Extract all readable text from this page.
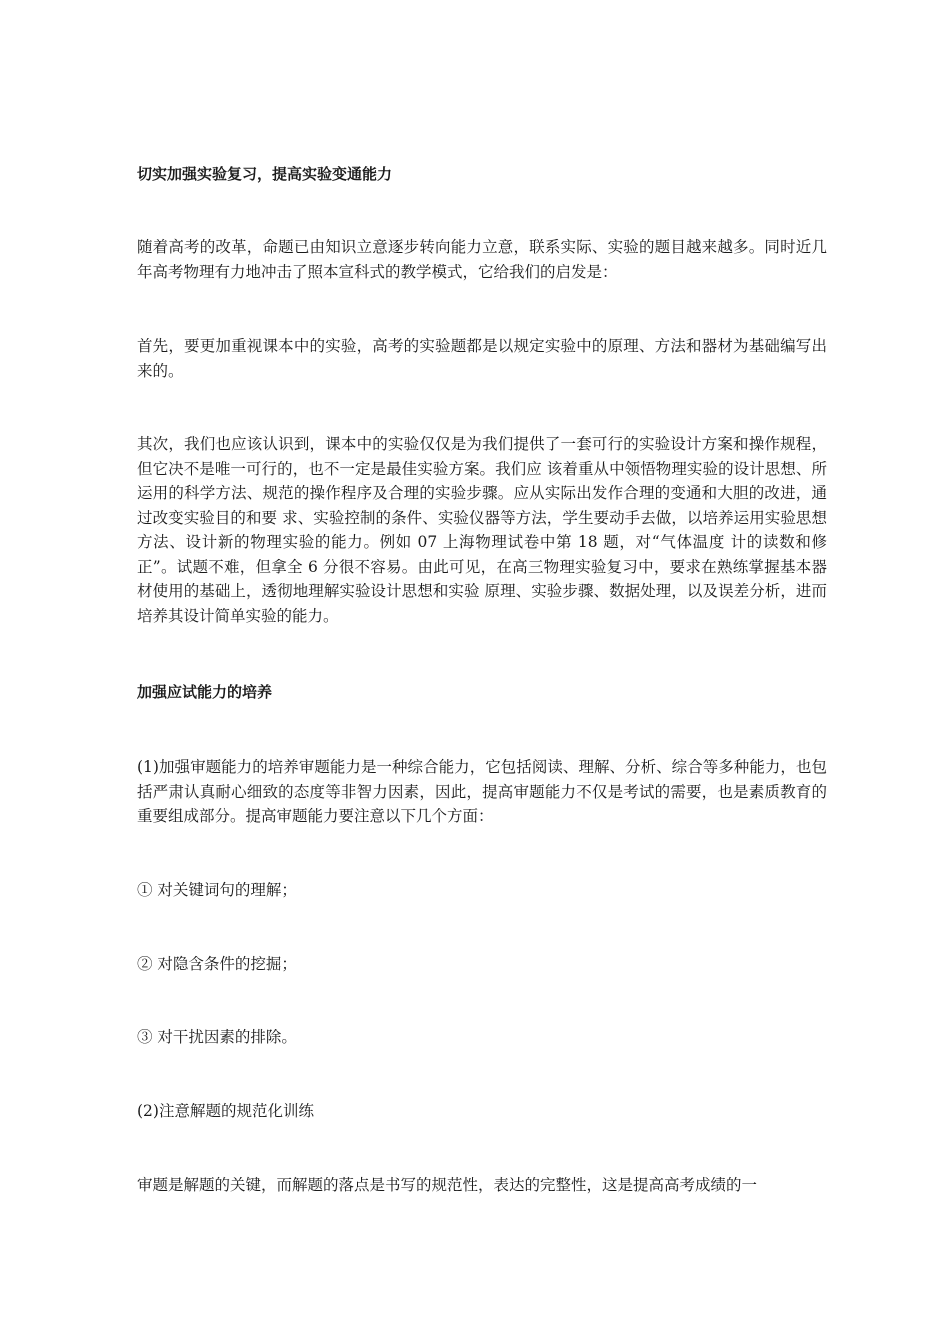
切实加强实验复习，提高实验变通能力

随着高考的改革，命题已由知识立意逐步转向能力立意，联系实际、实验的题目越来越多。同时近几年高考物理有力地冲击了照本宣科式的教学模式，它给我们的启发是：

首先，要更加重视课本中的实验，高考的实验题都是以规定实验中的原理、方法和器材为基础编写出来的。

其次，我们也应该认识到，课本中的实验仅仅是为我们提供了一套可行的实验设计方案和操作规程，但它决不是唯一可行的，也不一定是最佳实验方案。我们应 该着重从中领悟物理实验的设计思想、所运用的科学方法、规范的操作程序及合理的实验步骤。应从实际出发作合理的变通和大胆的改进，通过改变实验目的和要 求、实验控制的条件、实验仪器等方法，学生要动手去做，以培养运用实验思想方法、设计新的物理实验的能力。例如 07 上海物理试卷中第 18 题，对“气体温度 计的读数和修正”。试题不难，但拿全 6 分很不容易。由此可见，在高三物理实验复习中，要求在熟练掌握基本器材使用的基础上，透彻地理解实验设计思想和实验 原理、实验步骤、数据处理，以及误差分析，进而培养其设计简单实验的能力。

加强应试能力的培养

(1)加强审题能力的培养审题能力是一种综合能力，它包括阅读、理解、分析、综合等多种能力，也包括严肃认真耐心细致的态度等非智力因素，因此，提高审题能力不仅是考试的需要，也是素质教育的重要组成部分。提高审题能力要注意以下几个方面：

① 对关键词句的理解；

② 对隐含条件的挖掘；

③ 对干扰因素的排除。

(2)注意解题的规范化训练

审题是解题的关键，而解题的落点是书写的规范性，表达的完整性，这是提高高考成绩的一
